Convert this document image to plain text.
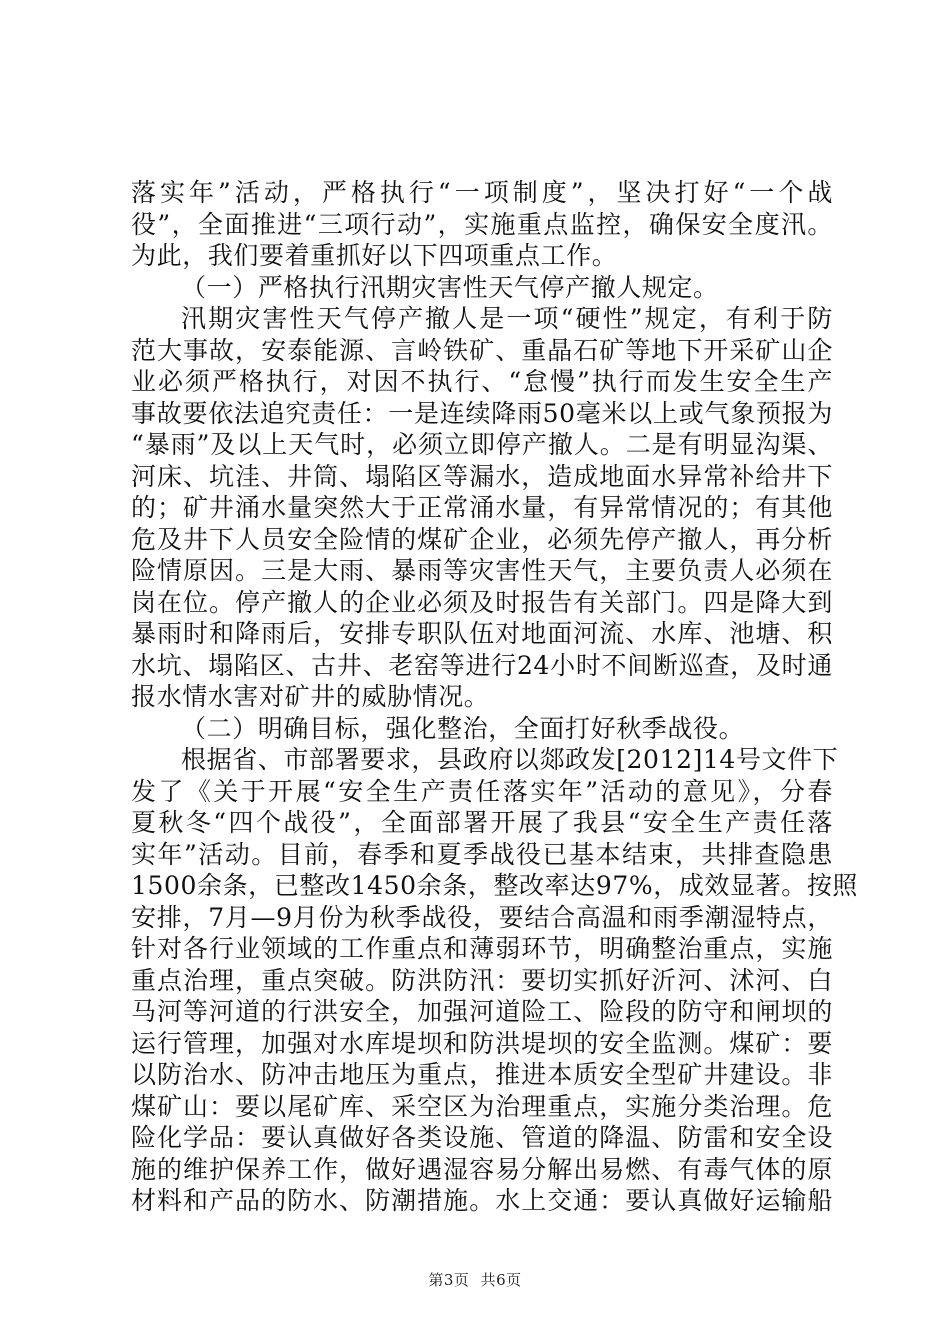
落实年”活动，严格执行“一项制度”，坚决打好“一个战
役”，全面推进“三项行动”，实施重点监控，确保安全度汛。
为此，我们要着重抓好以下四项重点工作。
（一）严格执行汛期灾害性天气停产撤人规定。
汛期灾害性天气停产撤人是一项“硬性”规定，有利于防
范大事故，安泰能源、言岭铁矿、重晶石矿等地下开采矿山企
业必须严格执行，对因不执行、“怠慢”执行而发生安全生产
事故要依法追究责任：一是连续降雨50毫米以上或气象预报为
“暴雨”及以上天气时，必须立即停产撤人。二是有明显沟渠、
河床、坑洼、井筒、塌陷区等漏水，造成地面水异常补给井下
的；矿井涌水量突然大于正常涌水量，有异常情况的；有其他
危及井下人员安全险情的煤矿企业，必须先停产撤人，再分析
险情原因。三是大雨、暴雨等灾害性天气，主要负责人必须在
岗在位。停产撤人的企业必须及时报告有关部门。四是降大到
暴雨时和降雨后，安排专职队伍对地面河流、水库、池塘、积
水坑、塌陷区、古井、老窑等进行24小时不间断巡查，及时通
报水情水害对矿井的威胁情况。
（二）明确目标，强化整治，全面打好秋季战役。
根据省、市部署要求，县政府以郯政发[2012]14号文件下
发了《关于开展“安全生产责任落实年”活动的意见》，分春
夏秋冬“四个战役”，全面部署开展了我县“安全生产责任落
实年”活动。目前，春季和夏季战役已基本结束，共排查隐患
1500余条，已整改1450余条，整改率达97%，成效显著。按照
安排，7月—9月份为秋季战役，要结合高温和雨季潮湿特点，
针对各行业领域的工作重点和薄弱环节，明确整治重点，实施
重点治理，重点突破。防洪防汛：要切实抓好沂河、沭河、白
马河等河道的行洪安全，加强河道险工、险段的防守和闸坝的
运行管理，加强对水库堤坝和防洪堤坝的安全监测。煤矿：要
以防治水、防冲击地压为重点，推进本质安全型矿井建设。非
煤矿山：要以尾矿库、采空区为治理重点，实施分类治理。危
险化学品：要认真做好各类设施、管道的降温、防雷和安全设
施的维护保养工作，做好遇湿容易分解出易燃、有毒气体的原
材料和产品的防水、防潮措施。水上交通：要认真做好运输船
第3页 共6页
